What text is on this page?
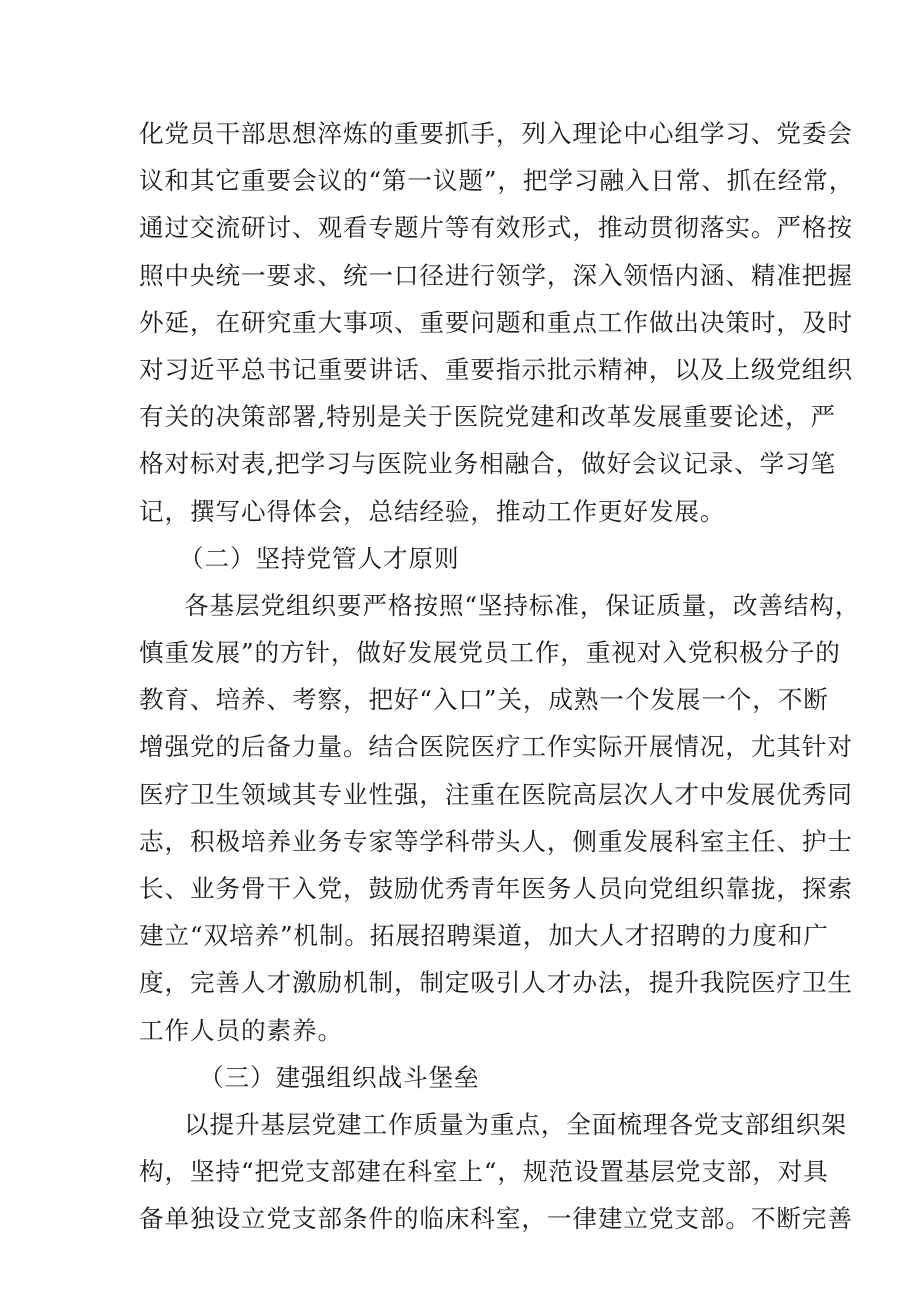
化党员干部思想淬炼的重要抓手，列入理论中心组学习、党委会
议和其它重要会议的“第一议题”，把学习融入日常、抓在经常，
通过交流研讨、观看专题片等有效形式，推动贯彻落实。严格按
照中央统一要求、统一口径进行领学，深入领悟内涵、精准把握
外延，在研究重大事项、重要问题和重点工作做出决策时，及时
对习近平总书记重要讲话、重要指示批示精神，以及上级党组织
有关的决策部署,特别是关于医院党建和改革发展重要论述，严
格对标对表,把学习与医院业务相融合，做好会议记录、学习笔
记，撰写心得体会，总结经验，推动工作更好发展。
（二）坚持党管人才原则
各基层党组织要严格按照“坚持标准，保证质量，改善结构，
慎重发展”的方针，做好发展党员工作，重视对入党积极分子的
教育、培养、考察，把好“入口”关，成熟一个发展一个，不断
增强党的后备力量。结合医院医疗工作实际开展情况，尤其针对
医疗卫生领域其专业性强，注重在医院高层次人才中发展优秀同
志，积极培养业务专家等学科带头人，侧重发展科室主任、护士
长、业务骨干入党，鼓励优秀青年医务人员向党组织靠拢，探索
建立“双培养”机制。拓展招聘渠道，加大人才招聘的力度和广
度，完善人才激励机制，制定吸引人才办法，提升我院医疗卫生
工作人员的素养。
（三）建强组织战斗堡垒
以提升基层党建工作质量为重点，全面梳理各党支部组织架
构，坚持“把党支部建在科室上“，规范设置基层党支部，对具
备单独设立党支部条件的临床科室，一律建立党支部。不断完善
